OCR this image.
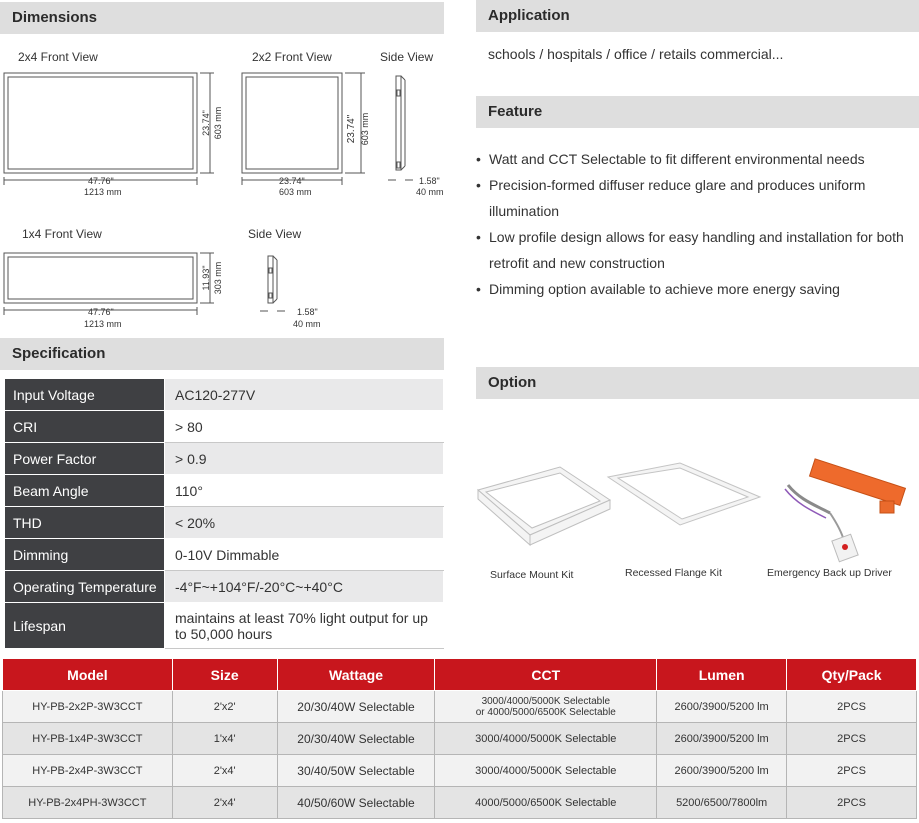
Dimensions
2x4 Front View	2x2 Front View	Side View
47.76"
1213 mm
23.74" 603 mm
23.74"
603 mm
23.74" 603 mm
1.58"
40 mm
1x4 Front View	Side View
47.76"
1213 mm
11.93" 303 mm
1.58"
40 mm
Application
schools / hospitals / office / retails commercial...
Feature
• Watt and CCT Selectable to fit different environmental needs
• Precision-formed diffuser reduce glare and produces uniform illumination
• Low profile design allows for easy handling and installation for both retrofit and new construction
• Dimming option available to achieve more energy saving
Specification
Input Voltage	AC120-277V
CRI	> 80
Power Factor	> 0.9
Beam Angle	110°
THD	< 20%
Dimming	0-10V Dimmable
Operating Temperature	-4°F~+104°F/-20°C~+40°C
Lifespan	maintains at least 70% light output for up to 50,000 hours
Option
Surface Mount Kit	Recessed Flange Kit	Emergency Back up Driver
Model	Size	Wattage	CCT	Lumen	Qty/Pack
HY-PB-2x2P-3W3CCT	2'x2'	20/30/40W Selectable	3000/4000/5000K Selectable
or 4000/5000/6500K Selectable	2600/3900/5200 lm	2PCS
HY-PB-1x4P-3W3CCT	1'x4'	20/30/40W Selectable	3000/4000/5000K Selectable	2600/3900/5200 lm	2PCS
HY-PB-2x4P-3W3CCT	2'x4'	30/40/50W Selectable	3000/4000/5000K Selectable	2600/3900/5200 lm	2PCS
HY-PB-2x4PH-3W3CCT	2'x4'	40/50/60W Selectable	4000/5000/6500K Selectable	5200/6500/7800lm	2PCS
